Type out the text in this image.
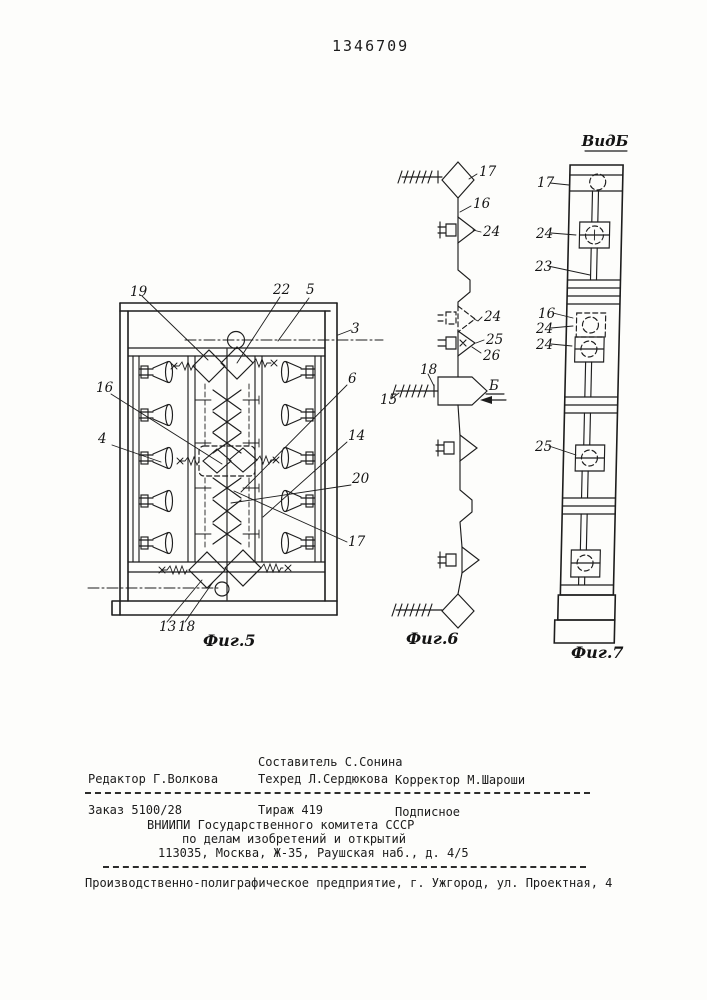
1346709
19	22 5
3
16
4
6
14
20
17
13 18
Фиг.5
Б
17
16
24
24
25
26
18
15
Фиг.6
ВидБ
17
24
23
16
24
24
25
Фиг.7
Составитель С.Сонина
Редактор Г.Волкова	Техред Л.Сердюкова Корректор М.Шароши
Заказ 5100/28	Тираж 419	Подписное
ВНИИПИ Государственного комитета СССР
по делам изобретений и открытий
113035, Москва, Ж-35, Раушская наб., д. 4/5
Производственно-полиграфическое предприятие, г. Ужгород, ул. Проектная, 4
